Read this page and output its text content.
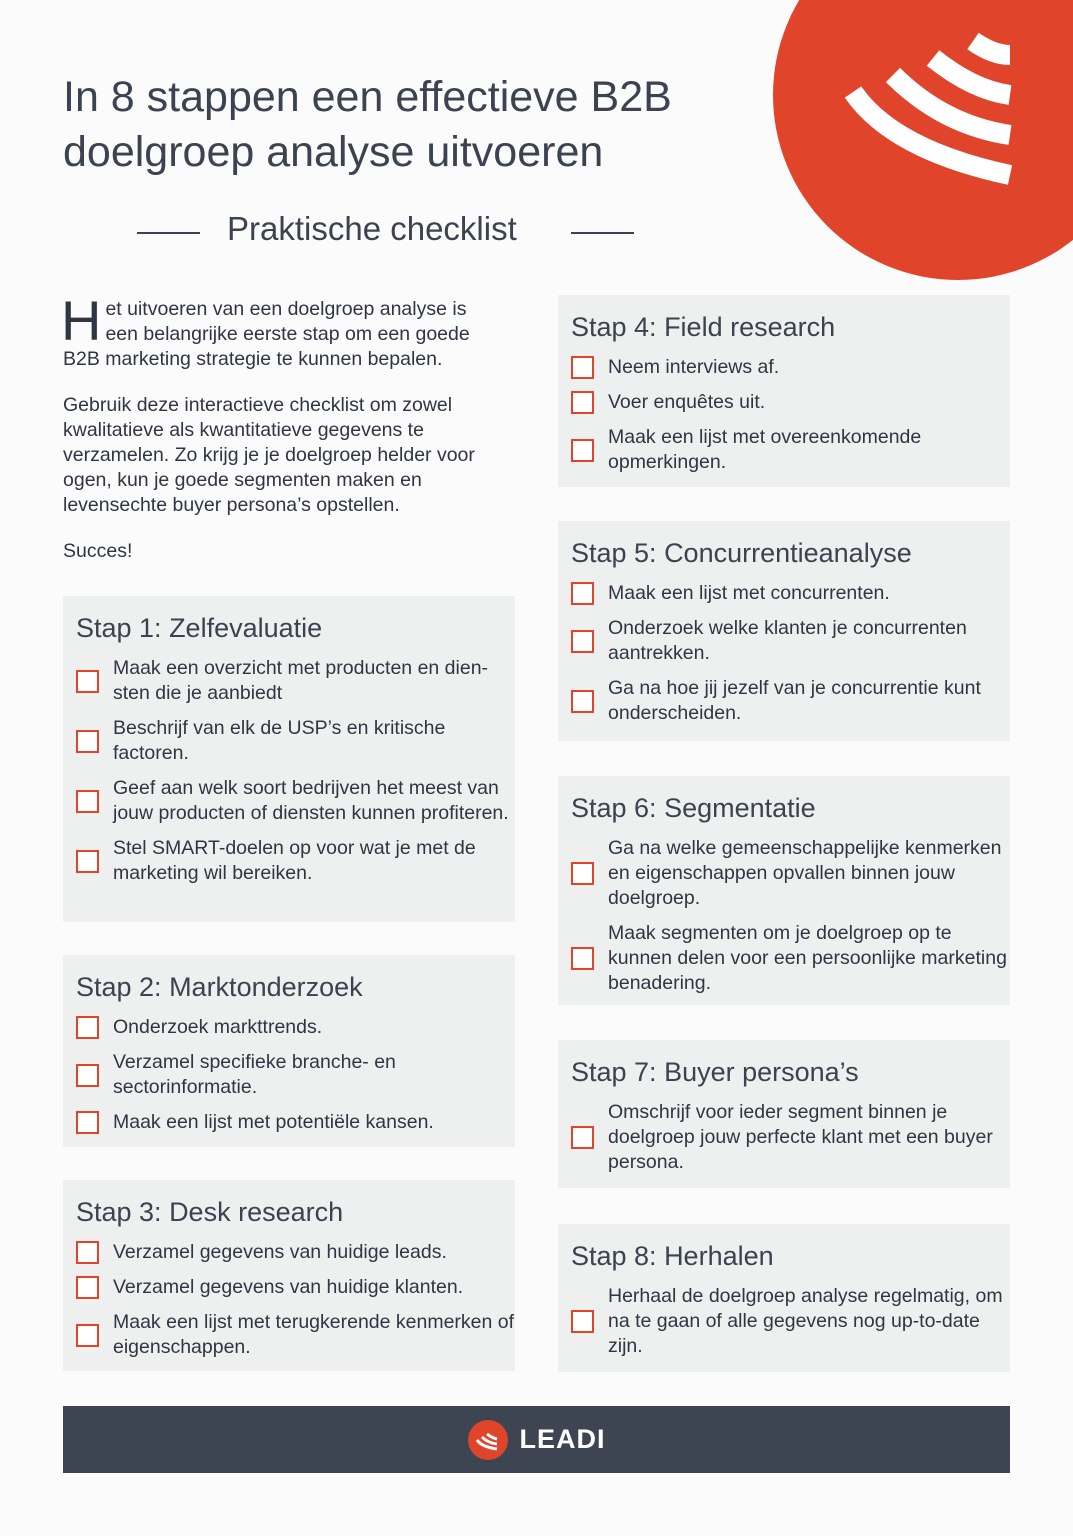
In 8 stappen een effectieve B2B
doelgroep analyse uitvoeren
Praktische checklist

Het uitvoeren van een doelgroep analyse is een belangrijke eerste stap om een goede B2B marketing strategie te kunnen bepalen.

Gebruik deze interactieve checklist om zowel kwalitatieve als kwantitatieve gegevens te verzamelen. Zo krijg je je doelgroep helder voor ogen, kun je goede segmenten maken en levensechte buyer persona’s opstellen.

Succes!

Stap 1: Zelfevaluatie
Maak een overzicht met producten en dien-sten die je aanbiedt
Beschrijf van elk de USP’s en kritische factoren.
Geef aan welk soort bedrijven het meest van jouw producten of diensten kunnen profiteren.
Stel SMART-doelen op voor wat je met de marketing wil bereiken.
Stap 2: Marktonderzoek
Onderzoek markttrends.
Verzamel specifieke branche- en sectorinformatie.
Maak een lijst met potentiële kansen.
Stap 3: Desk research
Verzamel gegevens van huidige leads.
Verzamel gegevens van huidige klanten.
Maak een lijst met terugkerende kenmerken of eigenschappen.
Stap 4: Field research
Neem interviews af.
Voer enquêtes uit.
Maak een lijst met overeenkomende opmerkingen.
Stap 5: Concurrentieanalyse
Maak een lijst met concurrenten.
Onderzoek welke klanten je concurrenten aantrekken.
Ga na hoe jij jezelf van je concurrentie kunt onderscheiden.
Stap 6: Segmentatie
Ga na welke gemeenschappelijke kenmerken en eigenschappen opvallen binnen jouw doelgroep.
Maak segmenten om je doelgroep op te kunnen delen voor een persoonlijke marketing benadering.
Stap 7: Buyer persona’s
Omschrijf voor ieder segment binnen je doelgroep jouw perfecte klant met een buyer persona.
Stap 8: Herhalen
Herhaal de doelgroep analyse regelmatig, om na te gaan of alle gegevens nog up-to-date zijn.
LEADI
